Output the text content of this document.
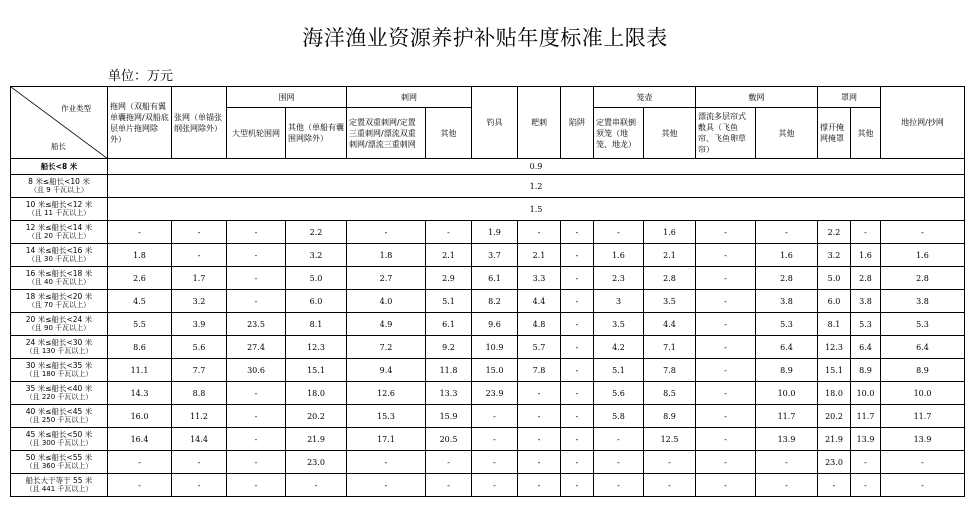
海洋渔业资源养护补贴年度标准上限表
单位：万元
作业类型
船长	拖网（双船有翼单囊拖网/双船底层单片拖网除外）	张网（单锚张纲张网除外）	围网		刺网		钓具	耙刺	陷阱	笼壶		敷网		罩网		地拉网/抄网
			大型机轮围网	其他（单船有囊围网除外）	定置双重刺网/定置三重刺网/漂流双重刺网/漂流三重刺网	其他				定置串联倒须笼（地笼、地龙）	其他	漂流多层帘式敷具（飞鱼帘、飞鱼卵草帘）	其他	撑开掩网掩罩	其他	

船长<8 米	0.9															

8 米≤船长<10 米
（且 9 千瓦以上）	1.2															

10 米≤船长<12 米
（且 11 千瓦以上）	1.5															

12 米≤船长<14 米
（且 20 千瓦以上）	-	-	-	2.2	-	-	1.9	-	-	-	1.6	-	-	2.2	-	-

14 米≤船长<16 米
（且 30 千瓦以上）	1.8	-	-	3.2	1.8	2.1	3.7	2.1	-	1.6	2.1	-	1.6	3.2	1.6	1.6

16 米≤船长<18 米
（且 40 千瓦以上）	2.6	1.7	-	5.0	2.7	2.9	6.1	3.3	-	2.3	2.8	-	2.8	5.0	2.8	2.8

18 米≤船长<20 米
（且 70 千瓦以上）	4.5	3.2	-	6.0	4.0	5.1	8.2	4.4	-	3	3.5	-	3.8	6.0	3.8	3.8

20 米≤船长<24 米
（且 90 千瓦以上）	5.5	3.9	23.5	8.1	4.9	6.1	9.6	4.8	-	3.5	4.4	-	5.3	8.1	5.3	5.3

24 米≤船长<30 米
（且 130 千瓦以上）	8.6	5.6	27.4	12.3	7.2	9.2	10.9	5.7	-	4.2	7.1	-	6.4	12.3	6.4	6.4

30 米≤船长<35 米
（且 180 千瓦以上）	11.1	7.7	30.6	15.1	9.4	11.8	15.0	7.8	-	5.1	7.8	-	8.9	15.1	8.9	8.9

35 米≤船长<40 米
（且 220 千瓦以上）	14.3	8.8	-	18.0	12.6	13.3	23.9	-	-	5.6	8.5	-	10.0	18.0	10.0	10.0

40 米≤船长<45 米
（且 250 千瓦以上）	16.0	11.2	-	20.2	15.3	15.9	-	-	-	5.8	8.9	-	11.7	20.2	11.7	11.7

45 米≤船长<50 米
（且 300 千瓦以上）	16.4	14.4	-	21.9	17.1	20.5	-	-	-	-	12.5	-	13.9	21.9	13.9	13.9

50 米≤船长<55 米
（且 360 千瓦以上）	-	-	-	23.0	-	-	-	-	-	-	-	-	-	23.0	-	-

船长大于等于 55 米
（且 441 千瓦以上）	-	-	-	-	-	-	-	-	-	-	-	-	-	-	-	-
